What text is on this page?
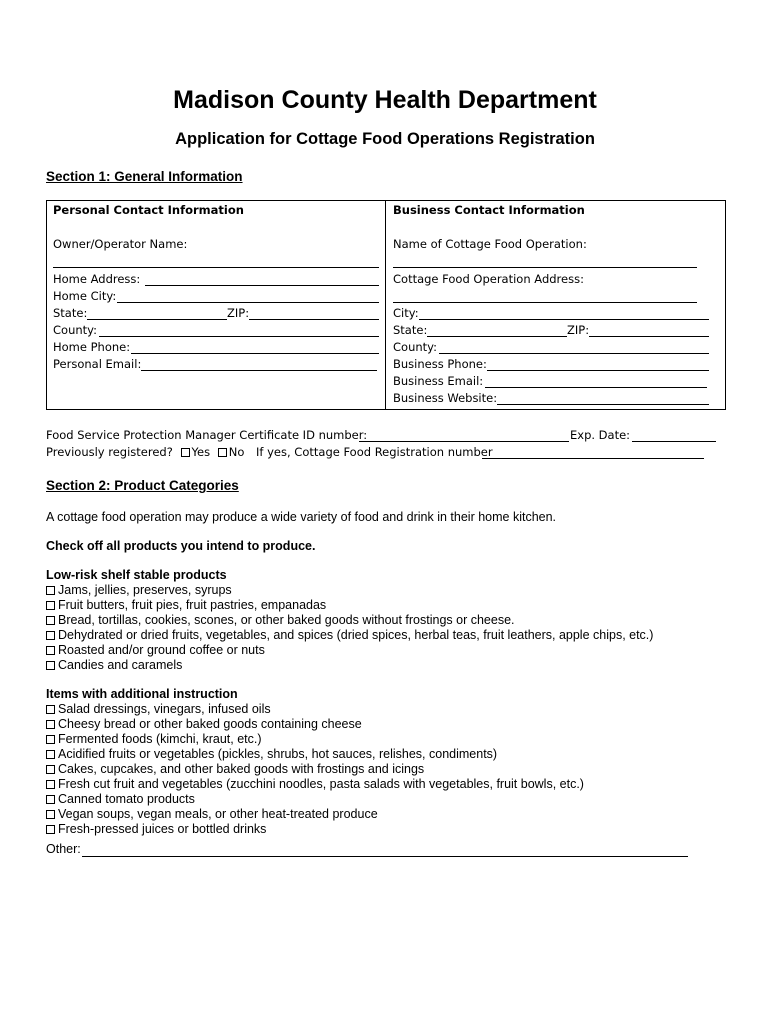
Madison County Health Department
Application for Cottage Food Operations Registration
Section 1: General Information
Personal Contact Information
Owner/Operator Name:
Home Address:
Home City:
State:	ZIP:
County:
Home Phone:
Personal Email:
Business Contact Information
Name of Cottage Food Operation:
Cottage Food Operation Address:
City:
State:	ZIP:
County:
Business Phone:
Business Email:
Business Website:
Food Service Protection Manager Certificate ID number:	Exp. Date:
Previously registered? Yes No If yes, Cottage Food Registration number
Section 2: Product Categories
A cottage food operation may produce a wide variety of food and drink in their home kitchen.
Check off all products you intend to produce.
Low-risk shelf stable products
Jams, jellies, preserves, syrups
Fruit butters, fruit pies, fruit pastries, empanadas
Bread, tortillas, cookies, scones, or other baked goods without frostings or cheese.
Dehydrated or dried fruits, vegetables, and spices (dried spices, herbal teas, fruit leathers, apple chips, etc.)
Roasted and/or ground coffee or nuts
Candies and caramels
Items with additional instruction
Salad dressings, vinegars, infused oils
Cheesy bread or other baked goods containing cheese
Fermented foods (kimchi, kraut, etc.)
Acidified fruits or vegetables (pickles, shrubs, hot sauces, relishes, condiments)
Cakes, cupcakes, and other baked goods with frostings and icings
Fresh cut fruit and vegetables (zucchini noodles, pasta salads with vegetables, fruit bowls, etc.)
Canned tomato products
Vegan soups, vegan meals, or other heat-treated produce
Fresh-pressed juices or bottled drinks
Other:
